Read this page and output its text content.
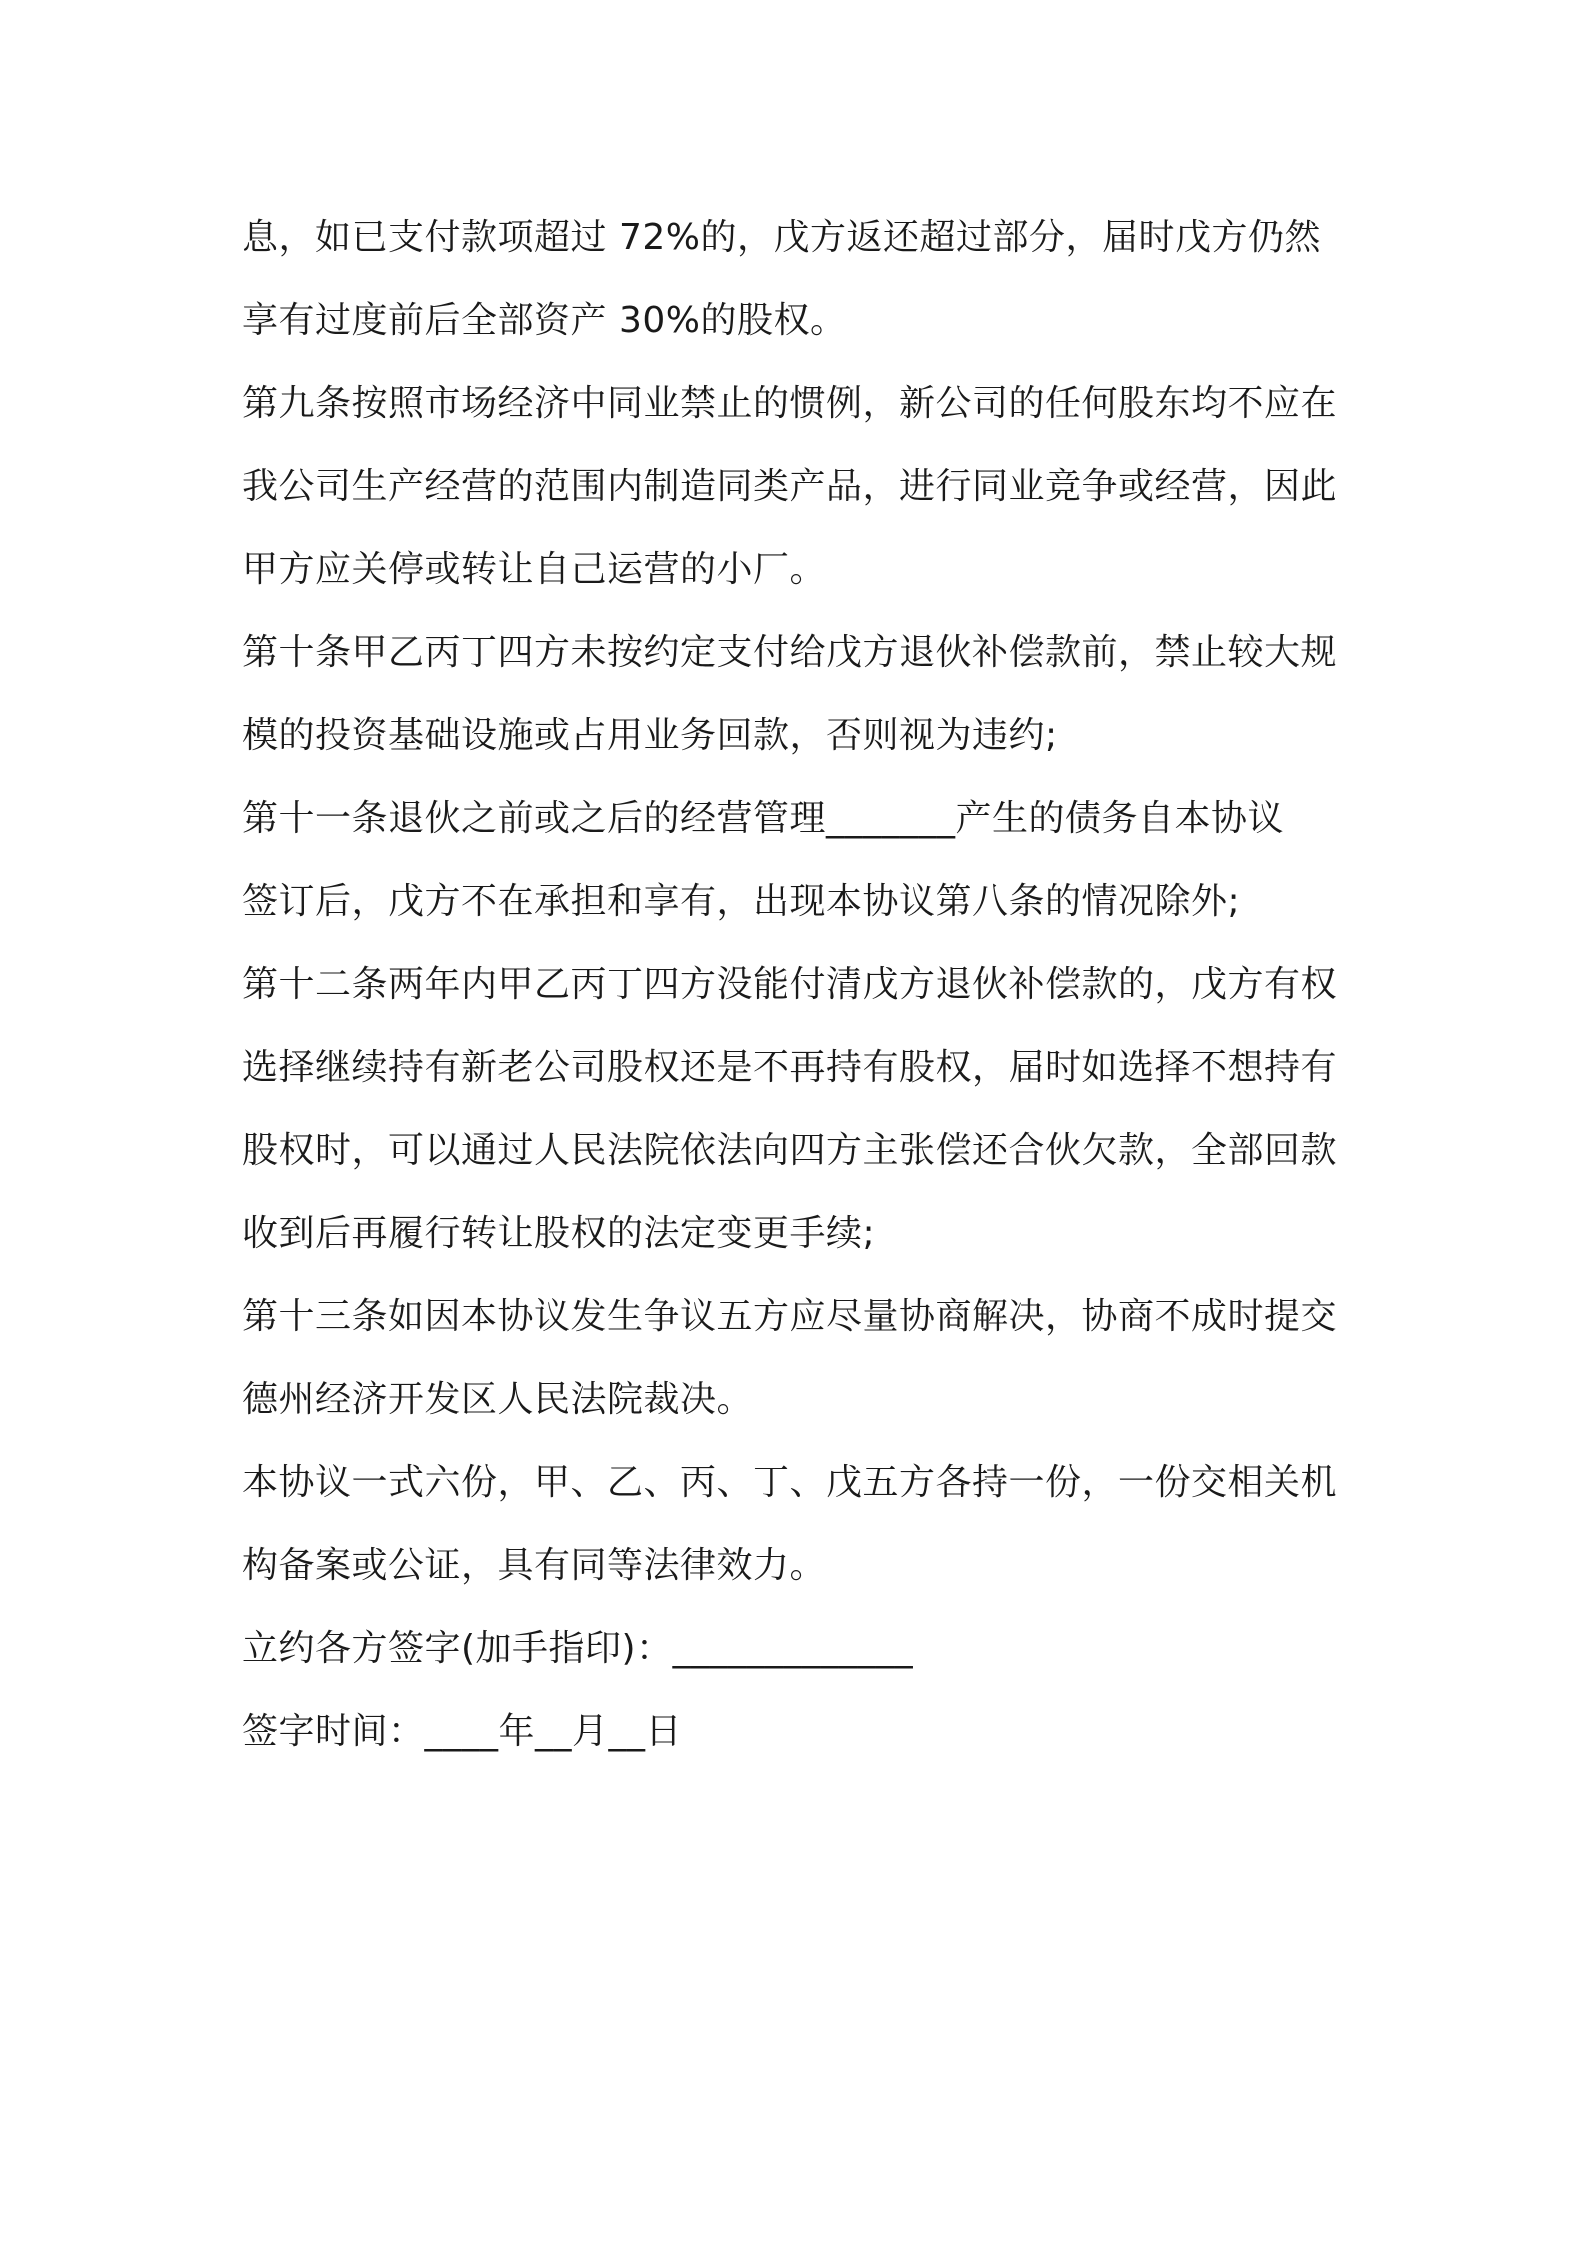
息，如已支付款项超过 72%的，戊方返还超过部分，届时戊方仍然
享有过度前后全部资产 30%的股权。

第九条按照市场经济中同业禁止的惯例，新公司的任何股东均不应在
我公司生产经营的范围内制造同类产品，进行同业竞争或经营，因此
甲方应关停或转让自己运营的小厂。

第十条甲乙丙丁四方未按约定支付给戊方退伙补偿款前，禁止较大规
模的投资基础设施或占用业务回款，否则视为违约;

第十一条退伙之前或之后的经营管理_______产生的债务自本协议
签订后，戊方不在承担和享有，出现本协议第八条的情况除外;

第十二条两年内甲乙丙丁四方没能付清戊方退伙补偿款的，戊方有权
选择继续持有新老公司股权还是不再持有股权，届时如选择不想持有
股权时，可以通过人民法院依法向四方主张偿还合伙欠款，全部回款
收到后再履行转让股权的法定变更手续;

第十三条如因本协议发生争议五方应尽量协商解决，协商不成时提交
德州经济开发区人民法院裁决。

本协议一式六份，甲、乙、丙、丁、戊五方各持一份，一份交相关机
构备案或公证，具有同等法律效力。

立约各方签字(加手指印)：_____________

签字时间：____年__月__日
